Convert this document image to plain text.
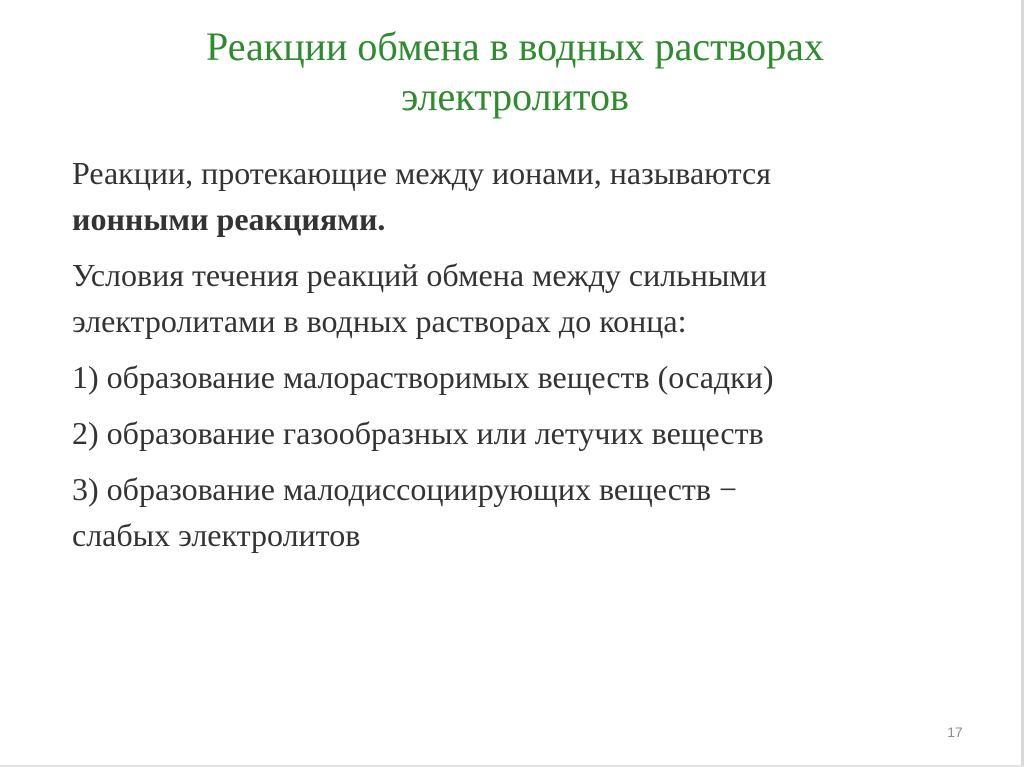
Реакции обмена в водных растворах
электролитов

Реакции, протекающие между ионами, называются
ионными реакциями.

Условия течения реакций обмена между сильными
электролитами в водных растворах до конца:

1) образование малорастворимых веществ (осадки)

2) образование газообразных или летучих веществ

3) образование малодиссоциирующих веществ −
слабых электролитов

17
